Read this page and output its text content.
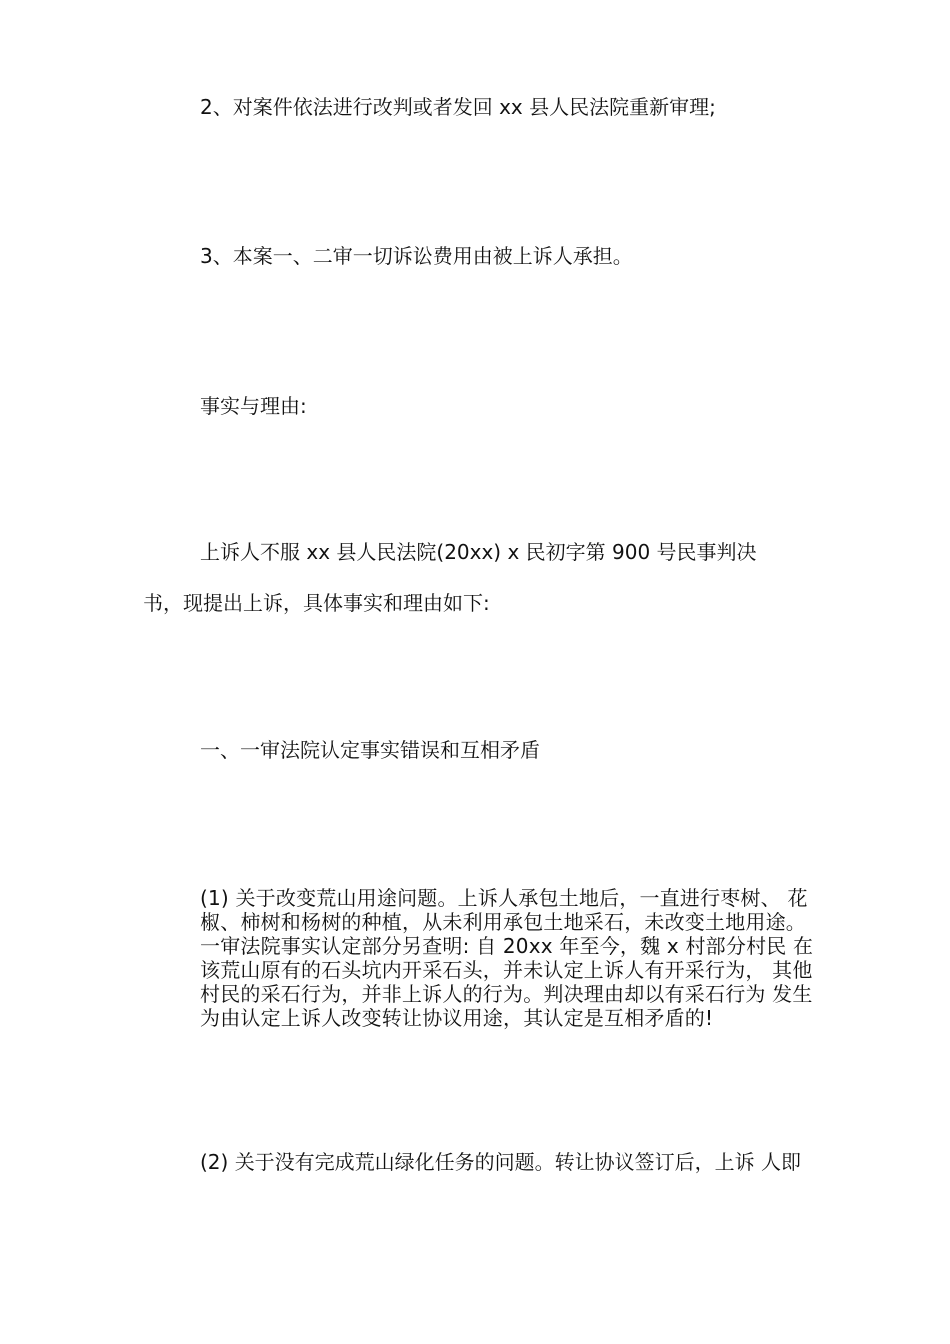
2、对案件依法进行改判或者发回 xx 县人民法院重新审理;
3、本案一、二审一切诉讼费用由被上诉人承担。
事实与理由:
上诉人不服 xx 县人民法院(20xx) x 民初字第 900 号民事判决
书，现提出上诉，具体事实和理由如下:
一、一审法院认定事实错误和互相矛盾
(1) 关于改变荒山用途问题。上诉人承包土地后，一直进行枣树、 花
椒、柿树和杨树的种植，从未利用承包土地采石，未改变土地用途。
一审法院事实认定部分另查明: 自 20xx 年至今，魏 x 村部分村民 在
该荒山原有的石头坑内开采石头，并未认定上诉人有开采行为， 其他
村民的采石行为，并非上诉人的行为。判决理由却以有采石行为 发生
为由认定上诉人改变转让协议用途，其认定是互相矛盾的!
(2) 关于没有完成荒山绿化任务的问题。转让协议签订后，上诉 人即
